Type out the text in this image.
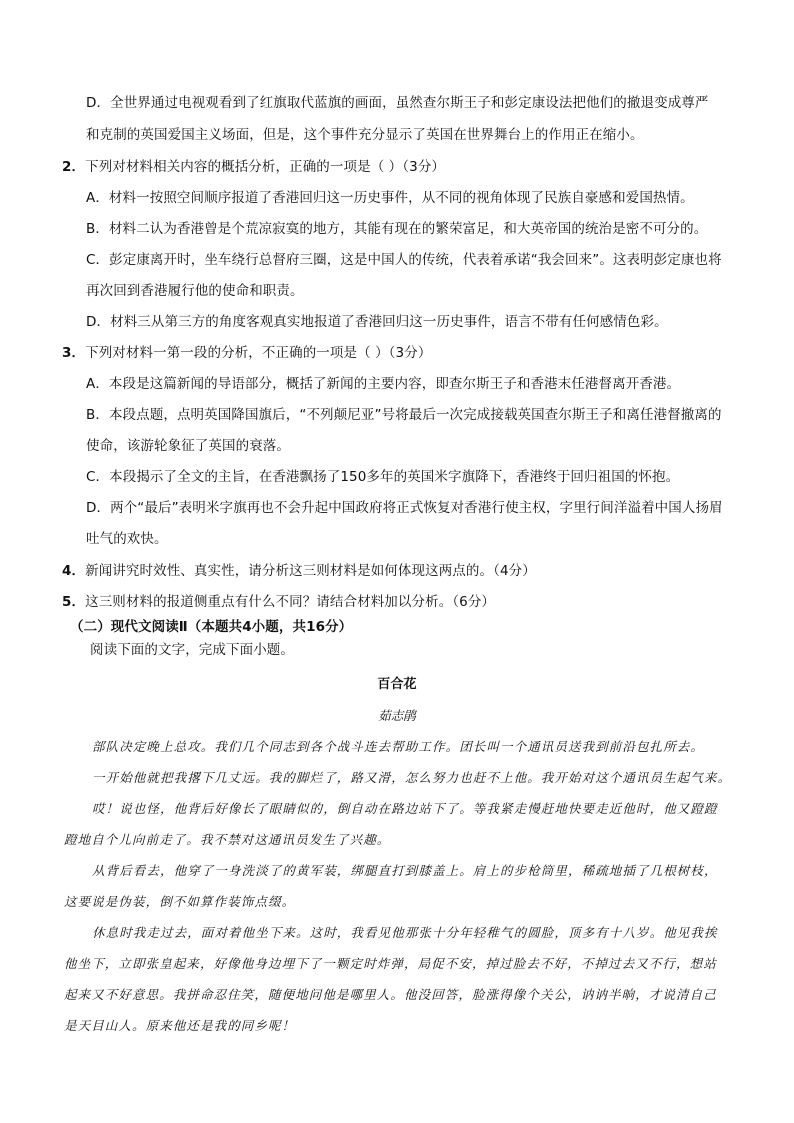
D．全世界通过电视观看到了红旗取代蓝旗的画面，虽然查尔斯王子和彭定康设法把他们的撤退变成尊严
和克制的英国爱国主义场面，但是，这个事件充分显示了英国在世界舞台上的作用正在缩小。
2．下列对材料相关内容的概括分析，正确的一项是（ ）（3分）
A．材料一按照空间顺序报道了香港回归这一历史事件，从不同的视角体现了民族自豪感和爱国热情。
B．材料二认为香港曾是个荒凉寂寞的地方，其能有现在的繁荣富足，和大英帝国的统治是密不可分的。
C．彭定康离开时，坐车绕行总督府三圈，这是中国人的传统，代表着承诺“我会回来”。这表明彭定康也将
再次回到香港履行他的使命和职责。
D．材料三从第三方的角度客观真实地报道了香港回归这一历史事件，语言不带有任何感情色彩。
3．下列对材料一第一段的分析，不正确的一项是（ ）（3分）
A．本段是这篇新闻的导语部分，概括了新闻的主要内容，即查尔斯王子和香港末任港督离开香港。
B．本段点题，点明英国降国旗后，“不列颠尼亚”号将最后一次完成接载英国查尔斯王子和离任港督撤离的
使命，该游轮象征了英国的衰落。
C．本段揭示了全文的主旨，在香港飘扬了150多年的英国米字旗降下，香港终于回归祖国的怀抱。
D．两个“最后”表明米字旗再也不会升起中国政府将正式恢复对香港行使主权，字里行间洋溢着中国人扬眉
吐气的欢快。
4．新闻讲究时效性、真实性，请分析这三则材料是如何体现这两点的。（4分）
5．这三则材料的报道侧重点有什么不同？请结合材料加以分析。（6分）
（二）现代文阅读Ⅱ（本题共4小题，共16分）
阅读下面的文字，完成下面小题。
百合花
茹志鹃
部队决定晚上总攻。我们几个同志到各个战斗连去帮助工作。团长叫一个通讯员送我到前沿包扎所去。
一开始他就把我撂下几丈远。我的脚烂了，路又滑，怎么努力也赶不上他。我开始对这个通讯员生起气来。
哎！说也怪，他背后好像长了眼睛似的，倒自动在路边站下了。等我紧走慢赶地快要走近他时，他又蹬蹬
蹬地自个儿向前走了。我不禁对这通讯员发生了兴趣。
从背后看去，他穿了一身洗淡了的黄军装，绑腿直打到膝盖上。肩上的步枪筒里，稀疏地插了几根树枝，
这要说是伪装，倒不如算作装饰点缀。
休息时我走过去，面对着他坐下来。这时，我看见他那张十分年轻稚气的圆脸，顶多有十八岁。他见我挨
他坐下，立即张皇起来，好像他身边埋下了一颗定时炸弹，局促不安，掉过脸去不好，不掉过去又不行，想站
起来又不好意思。我拼命忍住笑，随便地问他是哪里人。他没回答，脸涨得像个关公，讷讷半晌，才说清自己
是天目山人。原来他还是我的同乡呢！
